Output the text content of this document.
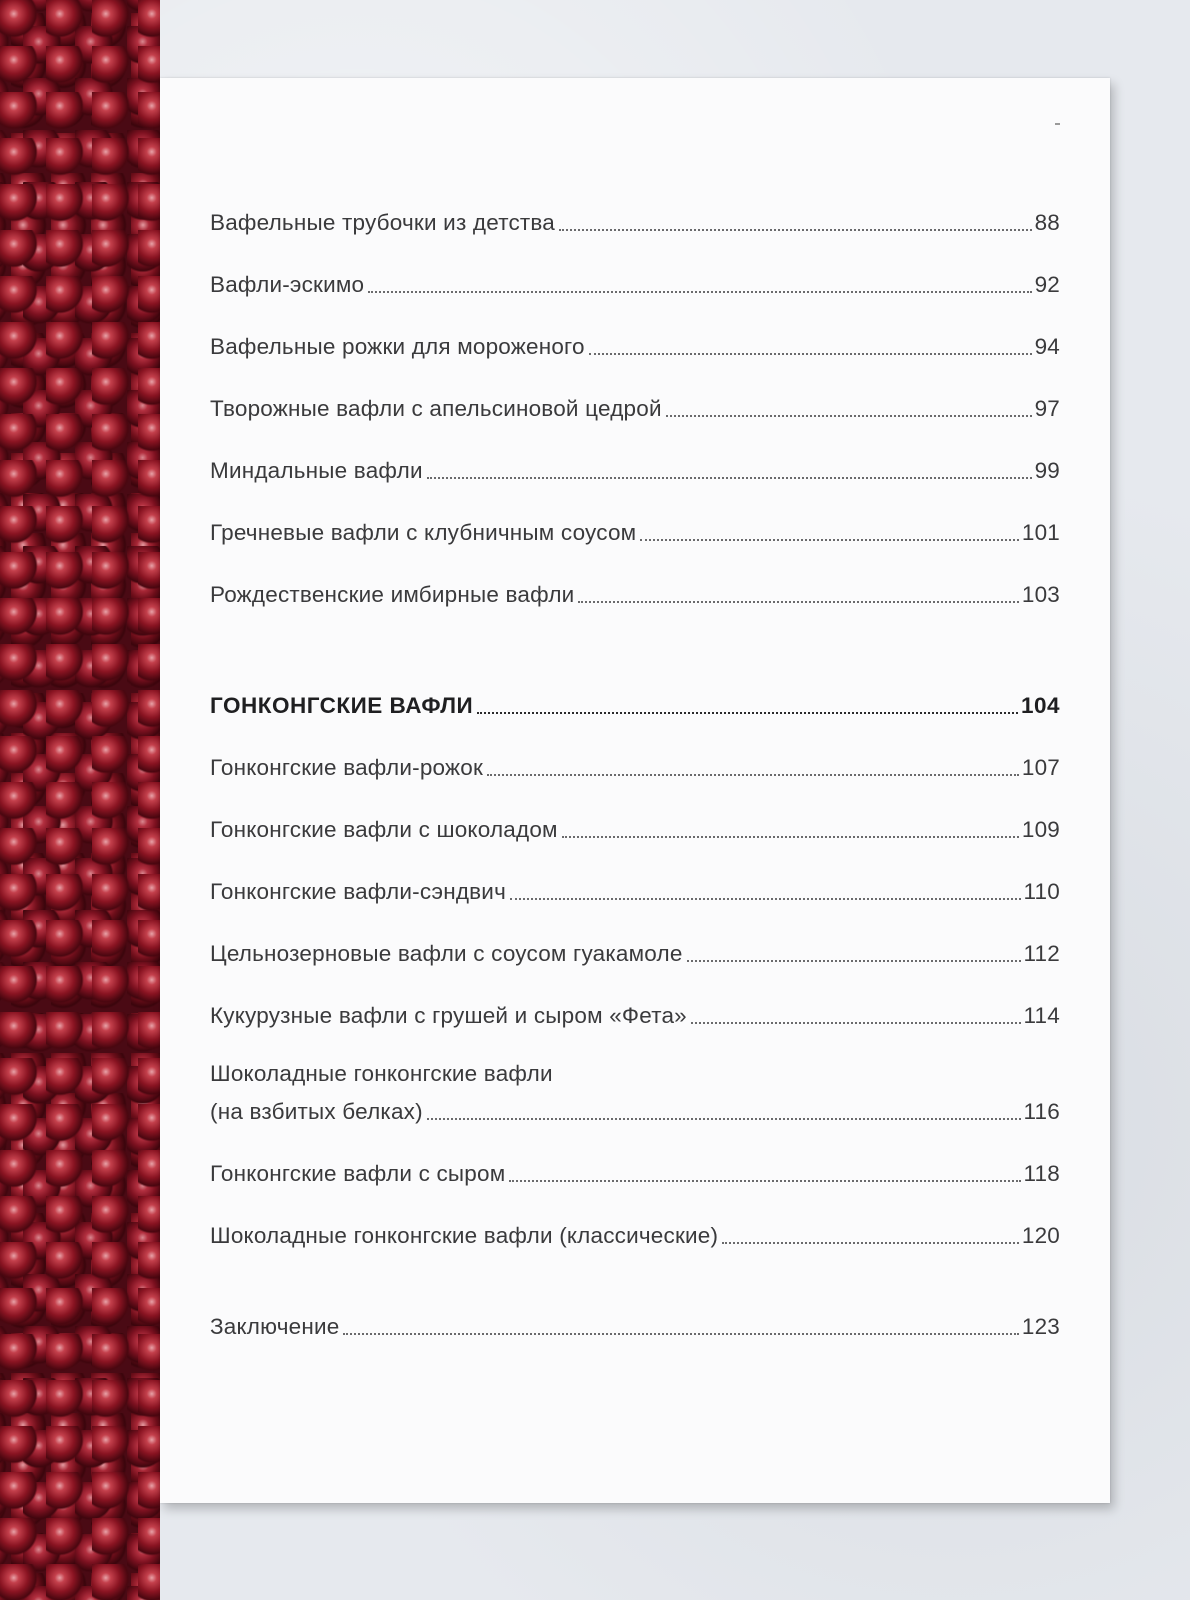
Вафельные трубочки из детства	88
Вафли-эскимо	92
Вафельные рожки для мороженого	94
Творожные вафли с апельсиновой цедрой	97
Миндальные вафли	99
Гречневые вафли с клубничным соусом	101
Рождественские имбирные вафли	103
ГОНКОНГСКИЕ ВАФЛИ	104
Гонконгские вафли-рожок	107
Гонконгские вафли с шоколадом	109
Гонконгские вафли-сэндвич	110
Цельнозерновые вафли с соусом гуакамоле	112
Кукурузные вафли с грушей и сыром «Фета»	114
Шоколадные гонконгские вафли
(на взбитых белках)	116
Гонконгские вафли с сыром	118
Шоколадные гонконгские вафли (классические)	120
Заключение	123
